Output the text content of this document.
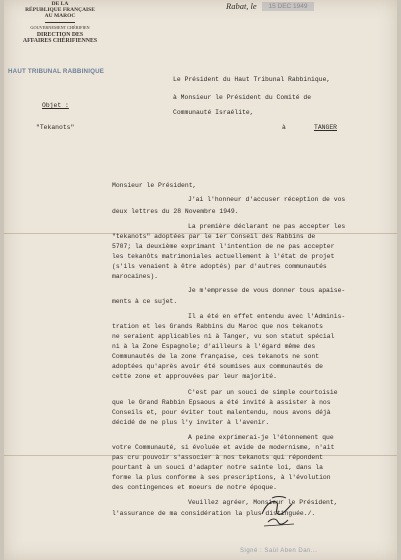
DE LA
RÉPUBLIQUE FRANÇAISE
AU MAROC
GOUVERNEMENT CHÉRIFIEN
DIRECTION DES
AFFAIRES CHÉRIFIENNES
HAUT TRIBUNAL RABBINIQUE
Rabat, le	15 DEC 1949
Le Président du Haut Tribunal Rabbinique,
à Monsieur le Président du Comité de
Communauté Israélite,
à	TANGER
Objet :
"Tekanots"
Monsieur le Président,
J'ai l'honneur d'accuser réception de vos
deux lettres du 28 Novembre 1949.
La première déclarant ne pas accepter les
"tekanots" adoptées par le 1er Conseil des Rabbins de
5707; la deuxième exprimant l'intention de ne pas accepter
les tekanôts matrimoniales actuellement à l'état de projet
(s'ils venaient à être adoptés) par d'autres communautés
marocaines).
Je m'empresse de vous donner tous apaise-
ments à ce sujet.
Il a été en effet entendu avec l'Adminis-
tration et les Grands Rabbins du Maroc que nos tekanots
ne seraient applicables ni à Tanger, vu son statut spécial
ni à la Zone Espagnole; d'ailleurs à l'égard même des
Communautés de la zone française, ces tekanots ne sont
adoptées qu'après avoir été soumises aux communautés de
cette zone et approuvées par leur majorité.
C'est par un souci de simple courtoisie
que le Grand Rabbin Epsaous a été invité à assister à nos
Conseils et, pour éviter tout malentendu, nous avons déjà
décidé de ne plus l'y inviter à l'avenir.
A peine exprimerai-je l'étonnement que
votre Communauté, si évoluée et avide de modernisme, n'ait
pas cru pouvoir s'associer à nos tekanots qui répondent
pourtant à un souci d'adapter notre sainte loi, dans la
forme la plus conforme à ses prescriptions, à l'évolution
des contingences et moeurs de notre époque.
Veuillez agréer, Monsieur le Président,
l'assurance de ma considération la plus distinguée./.
Signé : Saül Aben Dan...
